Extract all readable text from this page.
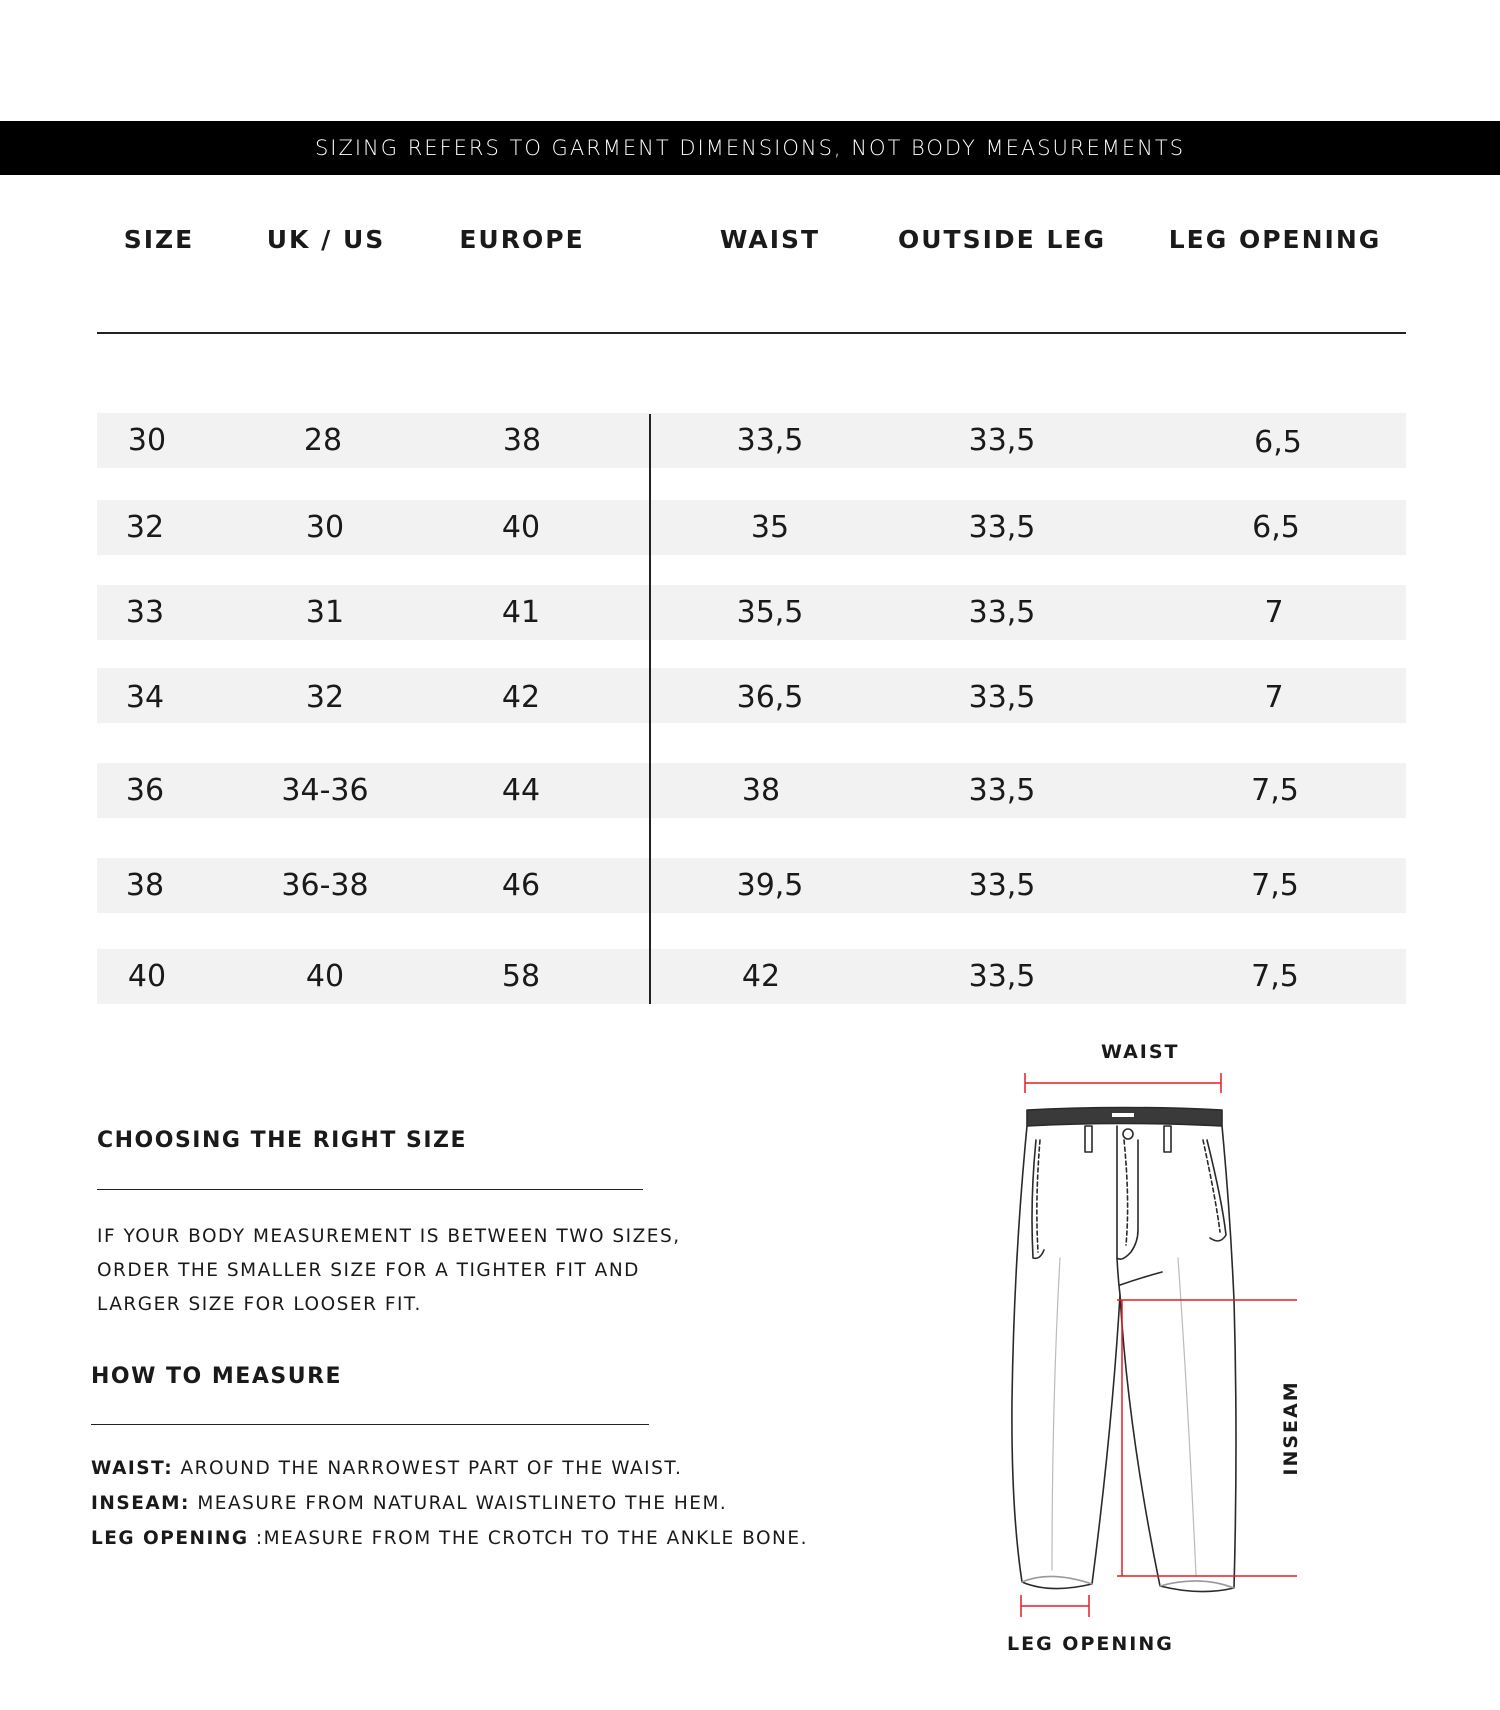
SIZING REFERS TO GARMENT DIMENSIONS, NOT BODY MEASUREMENTS
SIZE	UK / US	EUROPE	WAIST	OUTSIDE LEG	LEG OPENING
30	28	38	33,5	33,5	6,5
32	30	40	35	33,5	6,5
33	31	41	35,5	33,5	7
34	32	42	36,5	33,5	7
36	34-36	44	38	33,5	7,5
38	36-38	46	39,5	33,5	7,5
40	40	58	42	33,5	7,5
CHOOSING THE RIGHT SIZE
IF YOUR BODY MEASUREMENT IS BETWEEN TWO SIZES,
ORDER THE SMALLER SIZE FOR A TIGHTER FIT AND
LARGER SIZE FOR LOOSER FIT.
HOW TO MEASURE
WAIST: AROUND THE NARROWEST PART OF THE WAIST.
INSEAM: MEASURE FROM NATURAL WAISTLINETO THE HEM.
LEG OPENING :MEASURE FROM THE CROTCH TO THE ANKLE BONE.
WAIST
INSEAM
LEG OPENING
